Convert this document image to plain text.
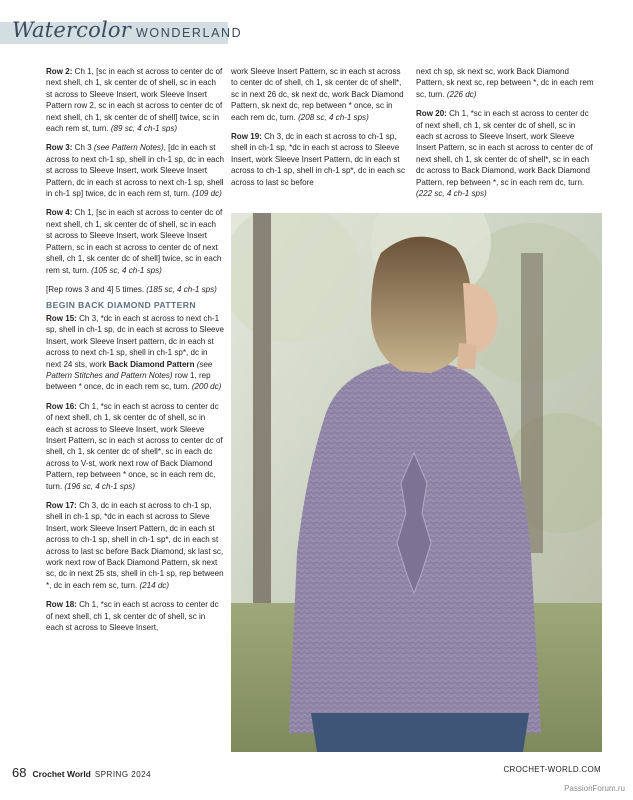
Watercolor WONDERLAND

Row 2: Ch 1, [sc in each st across to center dc of next shell, ch 1, sk center dc of shell, sc in each st across to Sleeve Insert, work Sleeve Insert Pattern row 2, sc in each st across to center dc of next shell, ch 1, sk center dc of shell] twice, sc in each rem st, turn. (89 sc, 4 ch-1 sps)

Row 3: Ch 3 (see Pattern Notes), [dc in each st across to next ch-1 sp, shell in ch-1 sp, dc in each st across to Sleeve Insert, work Sleeve Insert Pattern, dc in each st across to next ch-1 sp, shell in ch-1 sp] twice, dc in each rem st, turn. (109 dc)

Row 4: Ch 1, [sc in each st across to center dc of next shell, ch 1, sk center dc of shell, sc in each st across to Sleeve Insert, work Sleeve Insert Pattern, sc in each st across to center dc of next shell, ch 1, sk center dc of shell] twice, sc in each rem st, turn. (105 sc, 4 ch-1 sps)

[Rep rows 3 and 4] 5 times. (185 sc, 4 ch-1 sps)

BEGIN BACK DIAMOND PATTERN

Row 15: Ch 3, *dc in each st across to next ch-1 sp, shell in ch-1 sp, dc in each st across to Sleeve Insert, work Sleeve Insert pattern, dc in each st across to next ch-1 sp, shell in ch-1 sp*, dc in next 24 sts, work Back Diamond Pattern (see Pattern Stitches and Pattern Notes) row 1, rep between * once, dc in each rem sc, turn. (200 dc)

Row 16: Ch 1, *sc in each st across to center dc of next shell, ch 1, sk center dc of shell, sc in each st across to Sleeve Insert, work Sleeve Insert Pattern, sc in each st across to center dc of shell, ch 1, sk center dc of shell*, sc in each dc across to V-st, work next row of Back Diamond Pattern, rep between * once, sc in each rem dc, turn. (196 sc, 4 ch-1 sps)

Row 17: Ch 3, dc in each st across to ch-1 sp, shell in ch-1 sp, *dc in each st across to Sleve Insert, work Sleeve Insert Pattern, dc in each st across to ch-1 sp, shell in ch-1 sp*, dc in each st across to last sc before Back Diamond, sk last sc, work next row of Back Diamond Pattern, sk next sc, dc in next 25 sts, shell in ch-1 sp, rep between *, dc in each rem sc, turn. (214 dc)

Row 18: Ch 1, *sc in each st across to center dc of next shell, ch 1, sk center dc of shell, sc in each st across to Sleeve Insert,

work Sleeve Insert Pattern, sc in each st across to center dc of shell, ch 1, sk center dc of shell*, sc in next 26 dc, sk next dc, work Back Diamond Pattern, sk next dc, rep between * once, sc in each rem dc, turn. (208 sc, 4 ch-1 sps)

Row 19: Ch 3, dc in each st across to ch-1 sp, shell in ch-1 sp, *dc in each st across to Sleeve Insert, work Sleeve Insert Pattern, dc in each st across to ch-1 sp, shell in ch-1 sp*, dc in each sc across to last sc before

next ch sp, sk next sc, work Back Diamond Pattern, sk next sc, rep between *, dc in each rem sc, turn. (226 dc)

Row 20: Ch 1, *sc in each st across to center dc of next shell, ch 1, sk center dc of shell, sc in each st across to Sleeve Insert, work Sleeve Insert Pattern, sc in each st across to center dc of next shell, ch 1, sk center dc of shell*, sc in each dc across to Back Diamond, work Back Diamond Pattern, rep between *, sc in each rem dc, turn. (222 sc, 4 ch-1 sps)

68 Crochet World SPRING 2024
CROCHET-WORLD.COM
PassionForum.ru
